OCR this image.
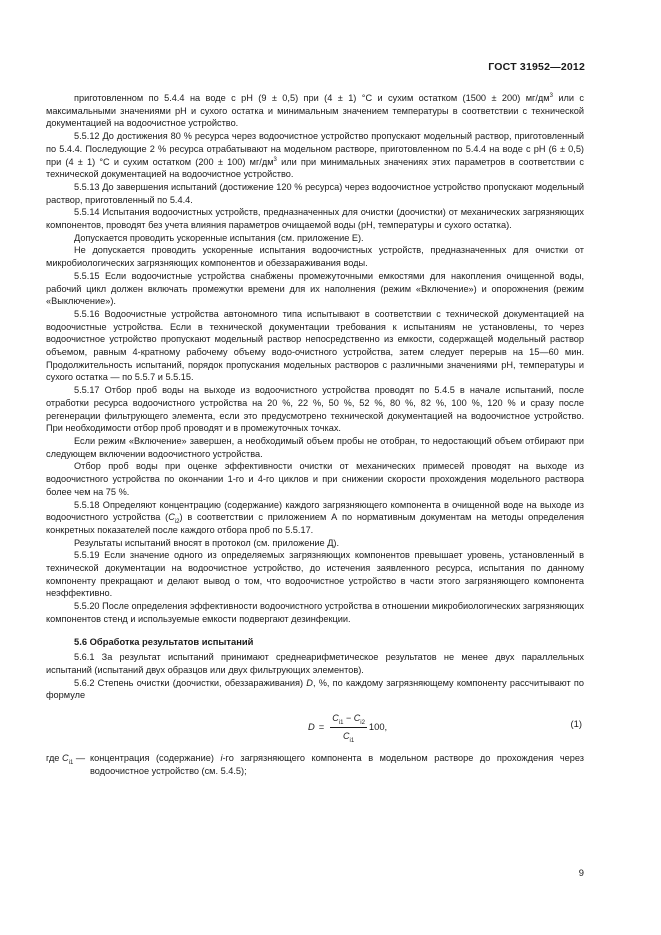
ГОСТ 31952—2012

приготовленном по 5.4.4 на воде с pH (9 ± 0,5) при (4 ± 1) °С и сухим остатком (1500 ± 200) $мг/дм^3$ или с максимальными значениями pH и сухого остатка и минимальным значением температуры в соответствии с технической документацией на водоочистное устройство.

5.5.12 До достижения 80 % ресурса через водоочистное устройство пропускают модельный раствор, приготовленный по 5.4.4. Последующие 2 % ресурса отрабатывают на модельном растворе, приготовленном по 5.4.4 на воде с pH (6 ± 0,5) при (4 ± 1) °С и сухим остатком (200 ± 100) $мг/дм^3$ или при минимальных значениях этих параметров в соответствии с технической документацией на водоочистное устройство.

5.5.13 До завершения испытаний (достижение 120 % ресурса) через водоочистное устройство пропускают модельный раствор, приготовленный по 5.4.4.

5.5.14 Испытания водоочистных устройств, предназначенных для очистки (доочистки) от механических загрязняющих компонентов, проводят без учета влияния параметров очищаемой воды (pH, температуры и сухого остатка).

Допускается проводить ускоренные испытания (см. приложение Е).

Не допускается проводить ускоренные испытания водоочистных устройств, предназначенных для очистки от микробиологических загрязняющих компонентов и обеззараживания воды.

5.5.15 Если водоочистные устройства снабжены промежуточными емкостями для накопления очищенной воды, рабочий цикл должен включать промежутки времени для их наполнения (режим «Включение») и опорожнения (режим «Выключение»).

5.5.16 Водоочистные устройства автономного типа испытывают в соответствии с технической документацией на водоочистные устройства. Если в технической документации требования к испытаниям не установлены, то через водоочистное устройство пропускают модельный раствор непосредственно из емкости, содержащей модельный раствор объемом, равным 4-кратному рабочему объему водо-очистного устройства, затем следует перерыв на 15—60 мин. Продолжительность испытаний, порядок пропускания модельных растворов с различными значениями pH, температуры и сухого остатка — по 5.5.7 и 5.5.15.

5.5.17 Отбор проб воды на выходе из водоочистного устройства проводят по 5.4.5 в начале испытаний, после отработки ресурса водоочистного устройства на 20 %, 22 %, 50 %, 52 %, 80 %, 82 %, 100 %, 120 % и сразу после регенерации фильтрующего элемента, если это предусмотрено технической документацией на водоочистное устройство. При необходимости отбор проб проводят и в промежуточных точках.

Если режим «Включение» завершен, а необходимый объем пробы не отобран, то недостающий объем отбирают при следующем включении водоочистного устройства.

Отбор проб воды при оценке эффективности очистки от механических примесей проводят на выходе из водоочистного устройства по окончании 1-го и 4-го циклов и при снижении скорости прохождения модельного раствора более чем на 75 %.

5.5.18 Определяют концентрацию (содержание) каждого загрязняющего компонента в очищенной воде на выходе из водоочистного устройства $(C_{i2})$ в соответствии с приложением А по нормативным документам на методы определения конкретных показателей после каждого отбора проб по 5.5.17.

Результаты испытаний вносят в протокол (см. приложение Д).

5.5.19 Если значение одного из определяемых загрязняющих компонентов превышает уровень, установленный в технической документации на водоочистное устройство, до истечения заявленного ресурса, испытания по данному компоненту прекращают и делают вывод о том, что водоочистное устройство в части этого загрязняющего компонента неэффективно.

5.5.20 После определения эффективности водоочистного устройства в отношении микробиологических загрязняющих компонентов стенд и используемые емкости подвергают дезинфекции.

5.6 Обработка результатов испытаний

5.6.1 За результат испытаний принимают среднеарифметическое результатов не менее двух параллельных испытаний (испытаний двух образцов или двух фильтрующих элементов).

5.6.2 Степень очистки (доочистки, обеззараживания) D, %, по каждому загрязняющему компоненту рассчитывают по формуле

$D = \frac{C_{i1} - C_{i2}}{C_{i1}} 100$,	(1)
где $C_{i1}$ — концентрация (содержание) i-го загрязняющего компонента в модельном растворе до прохождения через водоочистное устройство (см. 5.4.5);
9
